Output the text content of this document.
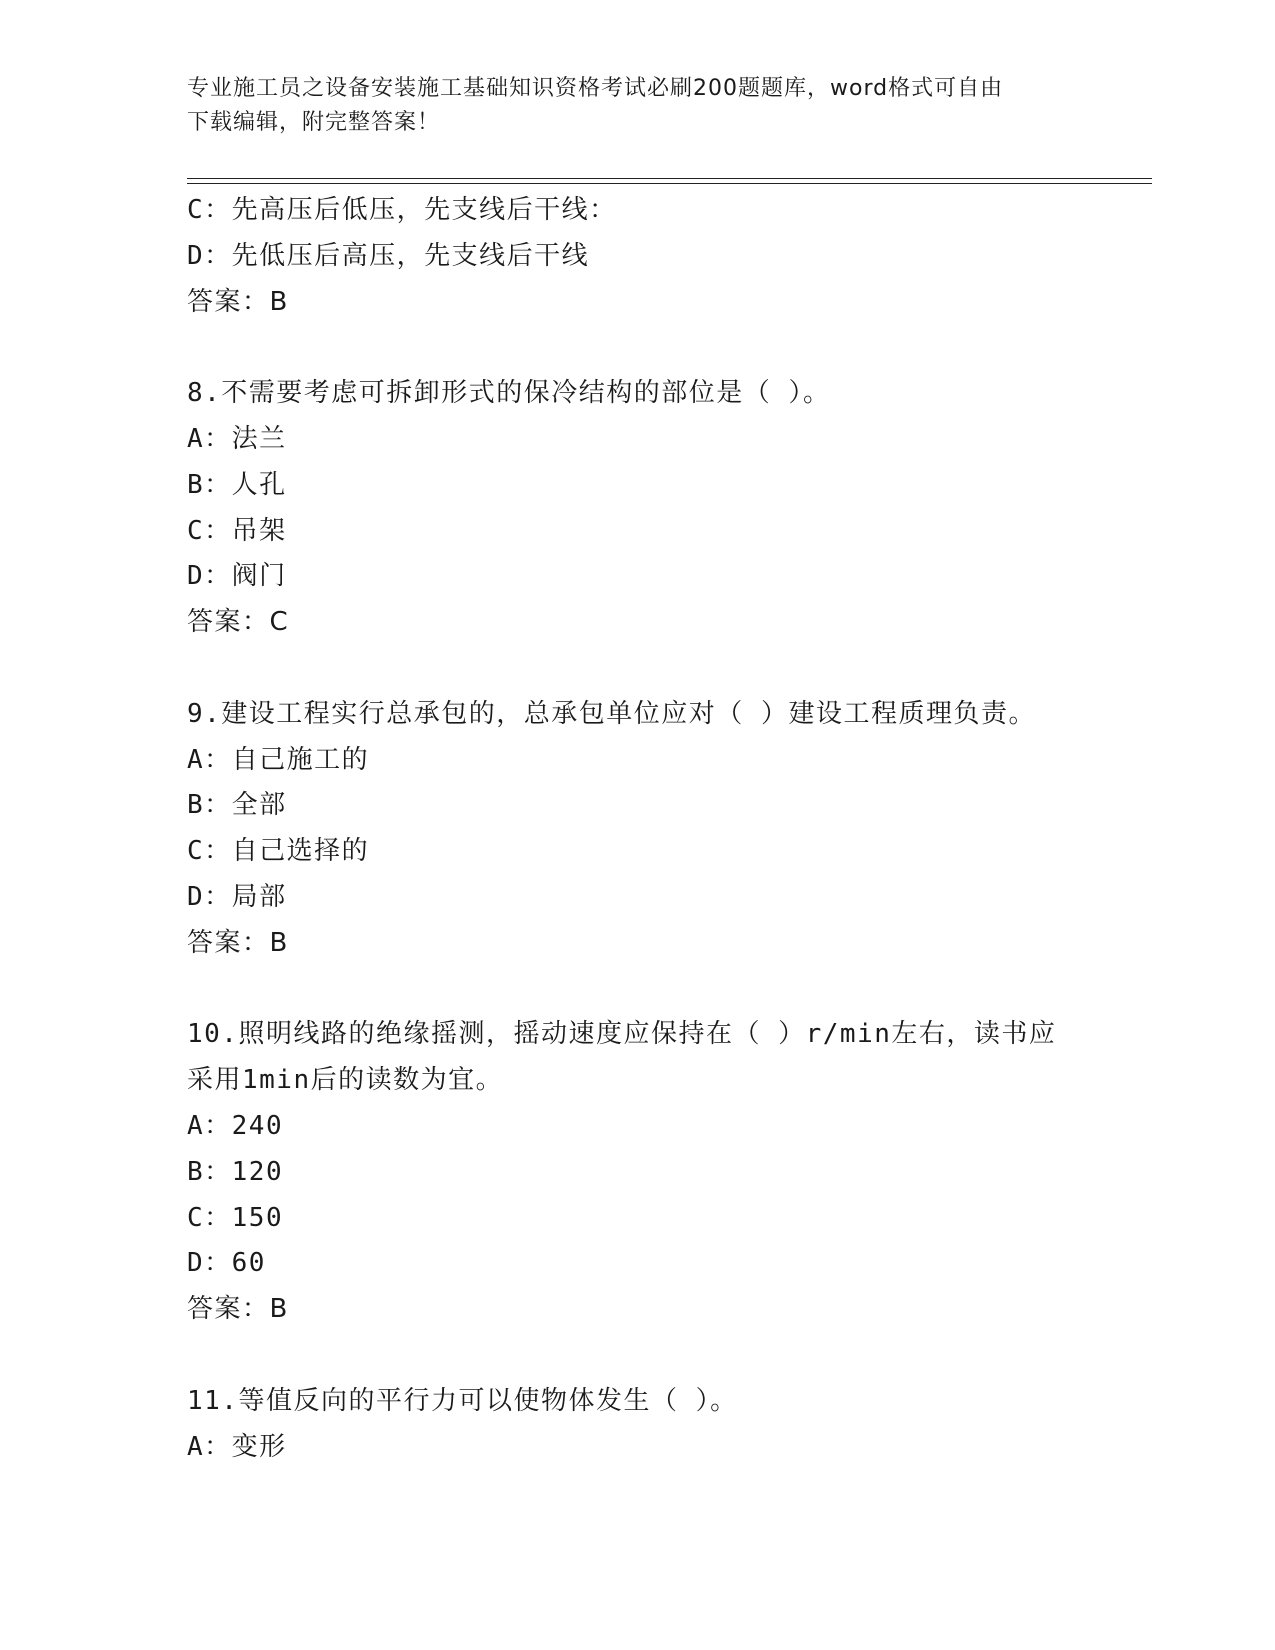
专业施工员之设备安装施工基础知识资格考试必刷200题题库，word格式可自由
下载编辑，附完整答案！
C：先高压后低压，先支线后干线：
D：先低压后高压，先支线后干线
答案：B
8.不需要考虑可拆卸形式的保冷结构的部位是（ ）。
A：法兰
B：人孔
C：吊架
D：阀门
答案：C
9.建设工程实行总承包的，总承包单位应对（ ）建设工程质理负责。
A：自己施工的
B：全部
C：自己选择的
D：局部
答案：B
10.照明线路的绝缘摇测，摇动速度应保持在（ ）r/min左右，读书应
采用1min后的读数为宜。
A：240
B：120
C：150
D：60
答案：B
11.等值反向的平行力可以使物体发生（ ）。
A：变形
